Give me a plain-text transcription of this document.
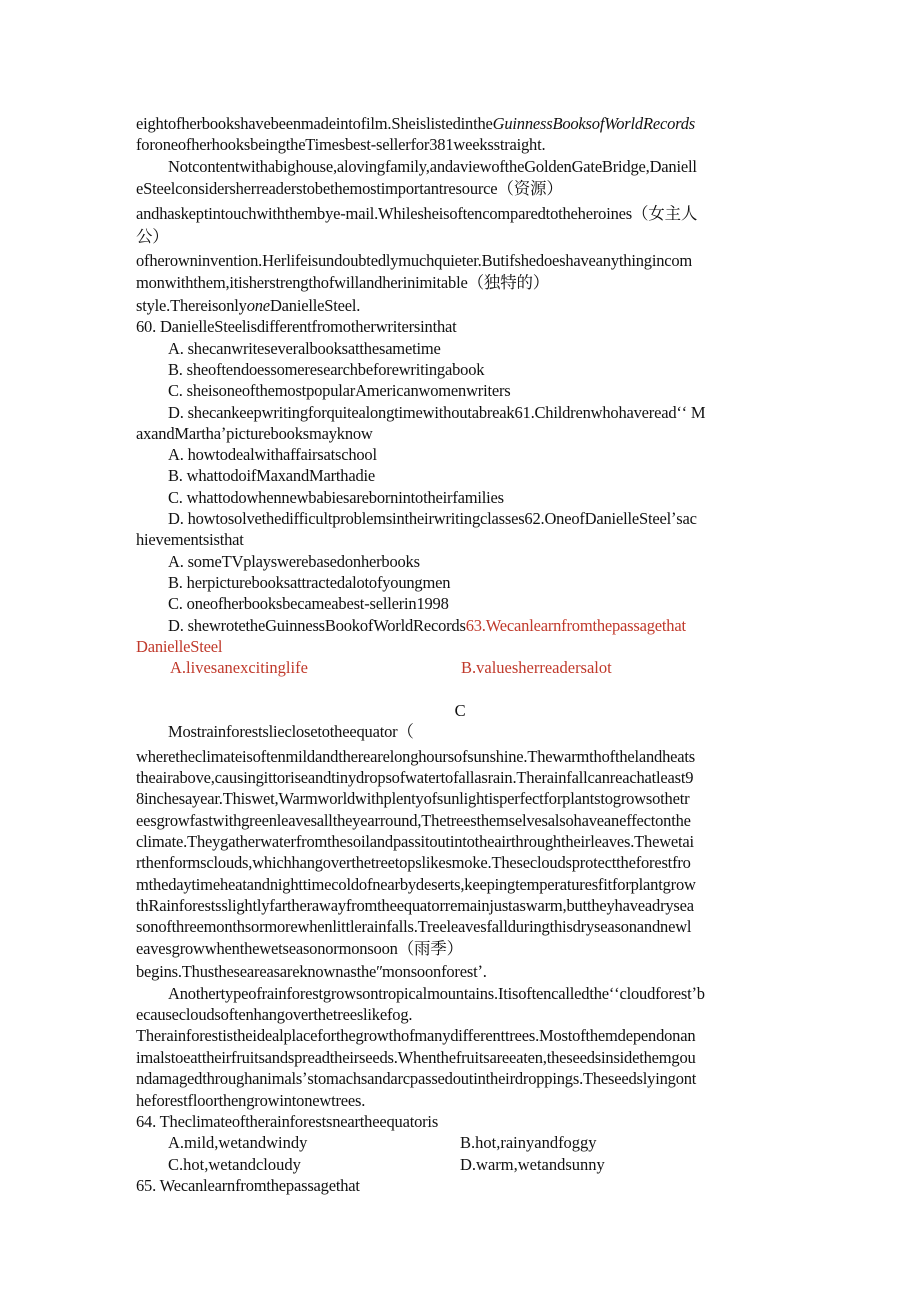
eightofherbookshavebeenmadeintofilm.SheislistedintheGuinnessBooksofWorldRecords
foroneofherhooksbeingtheTimesbest-sellerfor381weeksstraight.
Notcontentwithabighouse,alovingfamily,andaviewoftheGoldenGateBridge,Daniell
eSteelconsidersherreaderstobethemostimportantresource（资源）
andhaskeptintouchwiththembye-mail.Whilesheisoftencomparedtotheheroines（女主人
公）
ofherowninvention.Herlifeisundoubtedlymuchquieter.Butifshedoeshaveanythingincom
monwiththem,itisherstrengthofwillandherinimitable（独特的）
style.ThereisonlyoneDanielleSteel.
60. DanielleSteelisdifferentfromotherwritersinthat
A. shecanwriteseveralbooksatthesametime
B. sheoftendoessomeresearchbeforewritingabook
C. sheisoneofthemostpopularAmericanwomenwriters
D. shecankeepwritingforquitealongtimewithoutabreak61.Childrenwhohavereadʻʻ M
axandMarthaʼpicturebooksmayknow
A. howtodealwithaffairsatschool
B. whattodoifMaxandMarthadie
C. whattodowhennewbabiesarebornintotheirfamilies
D. howtosolvethedifficultproblemsintheirwritingclasses62.OneofDanielleSteelʼsac
hievementsisthat
A. someTVplayswerebasedonherbooks
B. herpicturebooksattractedalotofyoungmen
C. oneofherbooksbecameabest-sellerin1998
D. shewrotetheGuinnessBookofWorldRecords63.Wecanlearnfromthepassagethat
DanielleSteel
A.livesanexcitinglife	B.valuesherreadersalot
C
Mostrainforestslieclosetotheequator（
wheretheclimateisoftenmildandtherearelonghoursofsunshine.Thewarmthofthelandheats
theairabove,causingittoriseandtinydropsofwatertofallasrain.Therainfallcanreachatleast9
8inchesayear.Thiswet,Warmworldwithplentyofsunlightisperfectforplantstogrowsothetr
eesgrowfastwithgreenleavesalltheyearround,Thetreesthemselvesalsohaveaneffectonthe
climate.Theygatherwaterfromthesoilandpassitoutintotheairthroughtheirleaves.Thewetai
rthenformsclouds,whichhangoverthetreetopslikesmoke.Thesecloudsprotecttheforestfro
mthedaytimeheatandnighttimecoldofnearbydeserts,keepingtemperaturesfitforplantgrow
thRainforestsslightlyfartherawayfromtheequatorremainjustaswarm,buttheyhaveadrysea
sonofthreemonthsormorewhenlittlerainfalls.Treeleavesfallduringthisdryseasonandnewl
eavesgrowwhenthewetseasonormonsoon（雨季）
begins.Thustheseareasareknownastheʺmonsoonforestʼ.
Anothertypeofrainforestgrowsontropicalmountains.Itisoftencalledtheʻʻcloudforestʼb
ecausecloudsoftenhangoverthetreeslikefog.
Therainforestistheidealplaceforthegrowthofmanydifferenttrees.Mostofthemdependonan
imalstoeattheirfruitsandspreadtheirseeds.Whenthefruitsareeaten,theseedsinsidethemgou
ndamagedthroughanimalsʼstomachsandarcpassedoutintheirdroppings.Theseedslyingont
heforestfloorthengrowintonewtrees.
64. Theclimateoftherainforestsneartheequatoris
A.mild,wetandwindy	B.hot,rainyandfoggy
C.hot,wetandcloudy	D.warm,wetandsunny
65. Wecanlearnfromthepassagethat
